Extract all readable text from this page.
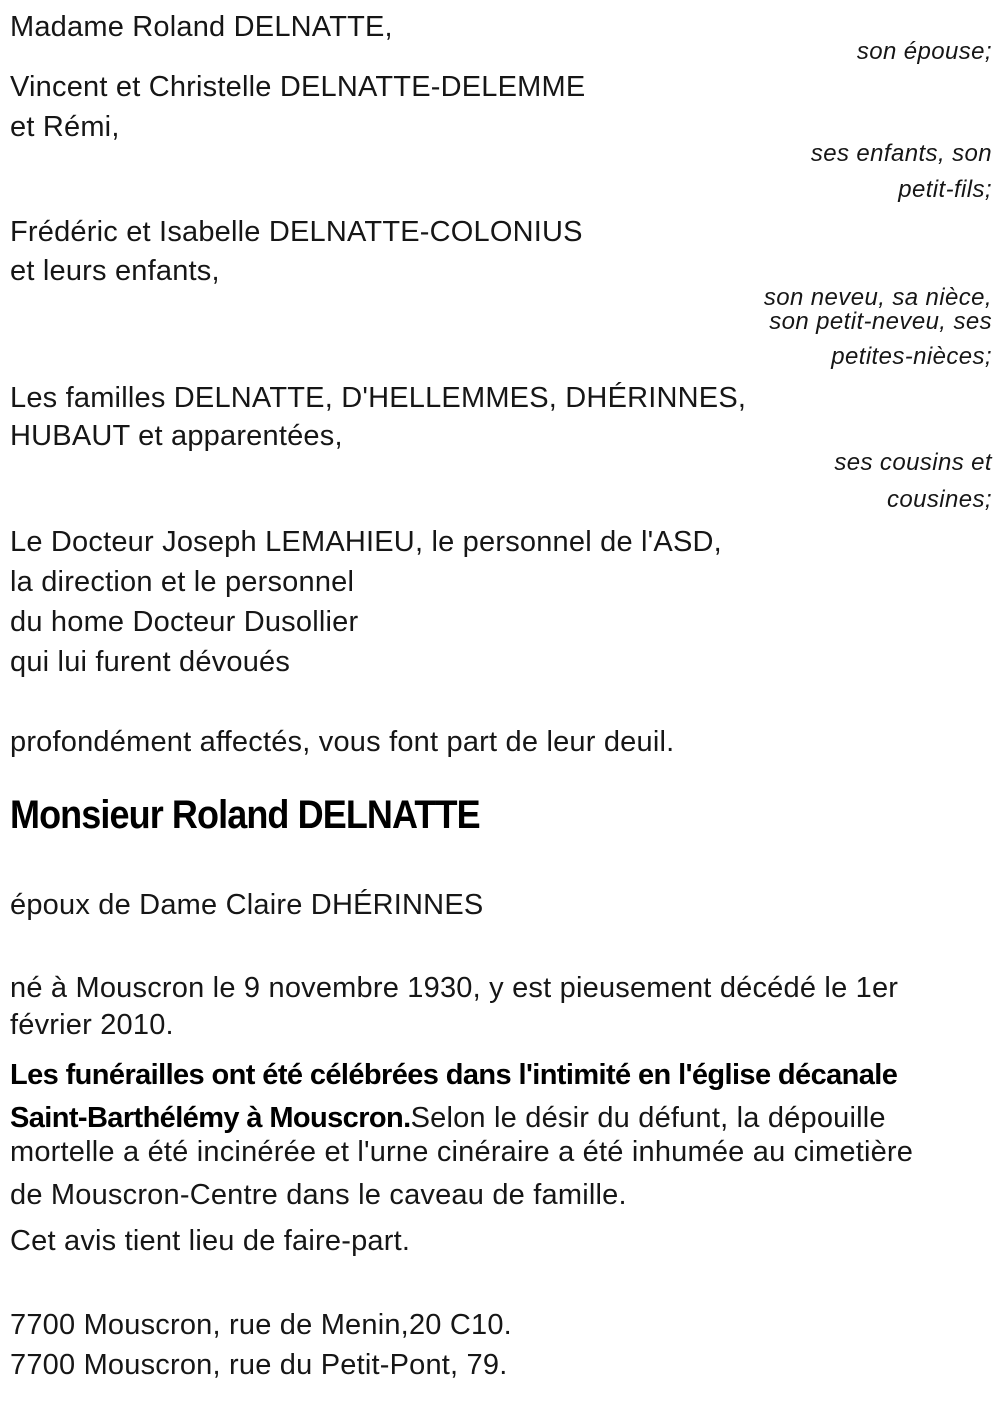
Madame Roland DELNATTE,
son épouse;
Vincent et Christelle DELNATTE-DELEMME
et Rémi,
ses enfants, son
petit-fils;
Frédéric et Isabelle DELNATTE-COLONIUS
et leurs enfants,
son neveu, sa nièce,
son petit-neveu, ses
petites-nièces;
Les familles DELNATTE, D'HELLEMMES, DHÉRINNES,
HUBAUT et apparentées,
ses cousins et
cousines;
Le Docteur Joseph LEMAHIEU, le personnel de l'ASD,
la direction et le personnel
du home Docteur Dusollier
qui lui furent dévoués
profondément affectés, vous font part de leur deuil.
Monsieur Roland DELNATTE
époux de Dame Claire DHÉRINNES
né à Mouscron le 9 novembre 1930, y est pieusement décédé le 1er
février 2010.
Les funérailles ont été célébrées dans l'intimité en l'église décanale
Saint-Barthélémy à Mouscron.Selon le désir du défunt, la dépouille
mortelle a été incinérée et l'urne cinéraire a été inhumée au cimetière
de Mouscron-Centre dans le caveau de famille.
Cet avis tient lieu de faire-part.
7700 Mouscron, rue de Menin,20 C10.
7700 Mouscron, rue du Petit-Pont, 79.
